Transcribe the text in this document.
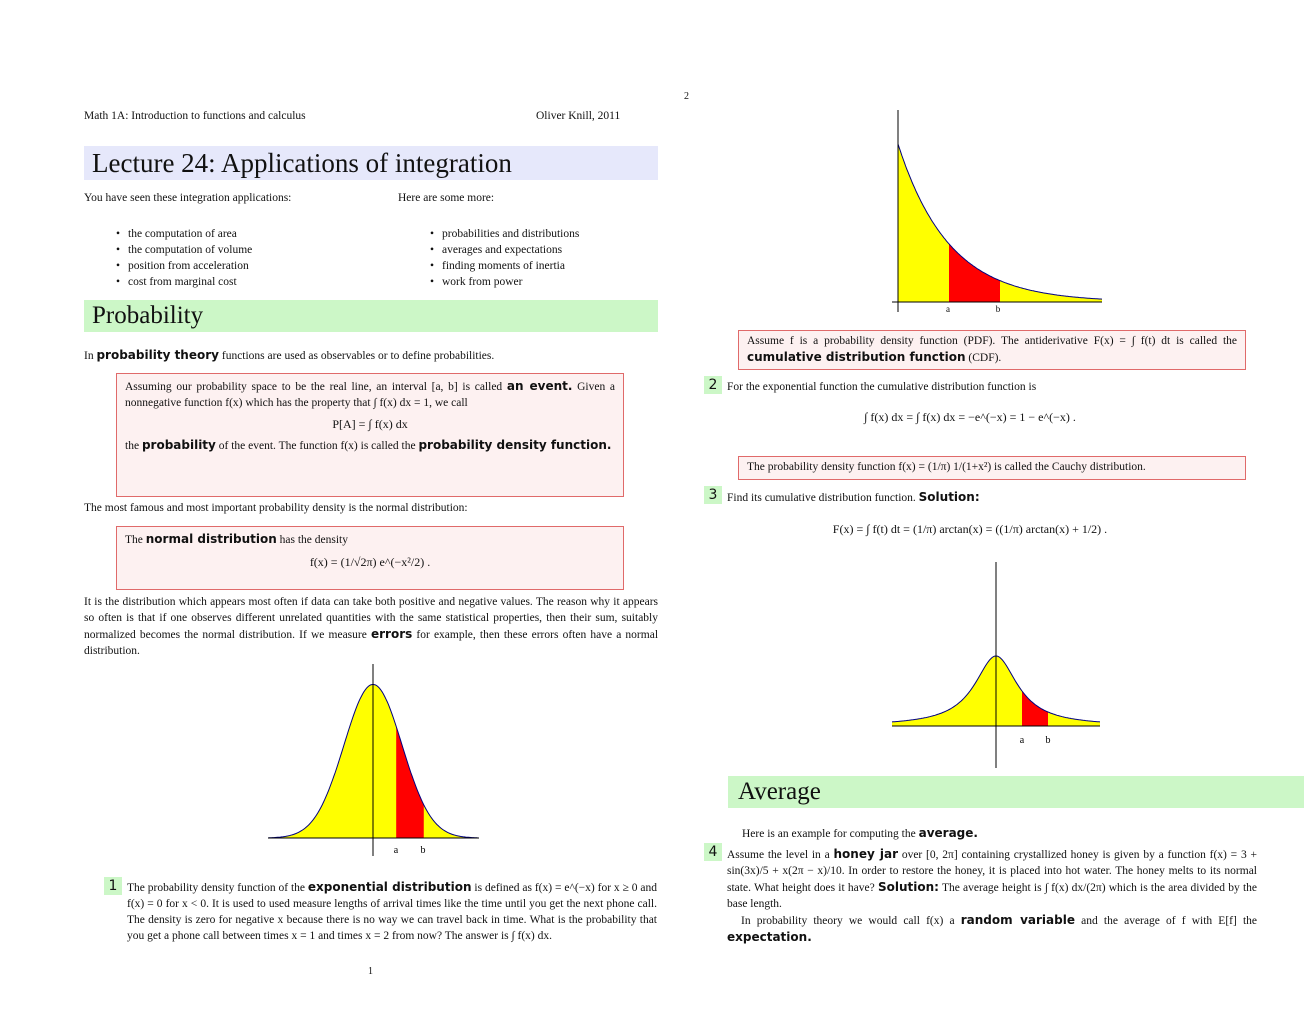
Math 1A: Introduction to functions and calculus	Oliver Knill, 2011
Lecture 24: Applications of integration
You have seen these integration applications:	Here are some more:
• the computation of area
• the computation of volume
• position from acceleration
• cost from marginal cost
• probabilities and distributions
• averages and expectations
• finding moments of inertia
• work from power
Probability
In probability theory functions are used as observables or to define probabilities.
Assuming our probability space to be the real line, an interval [a, b] is called an event. Given a nonnegative function f(x) which has the property that ∫ f(x) dx = 1, we call
P[A] = ∫ f(x) dx
the probability of the event. The function f(x) is called the probability density function.
The most famous and most important probability density is the normal distribution:
The normal distribution has the density
f(x) = (1/√2π) e^(−x²/2) .
It is the distribution which appears most often if data can take both positive and negative values. The reason why it appears so often is that if one observes different unrelated quantities with the same statistical properties, then their sum, suitably normalized becomes the normal distribution. If we measure errors for example, then these errors often have a normal distribution.
a b
1 The probability density function of the exponential distribution is defined as f(x) = e^(−x) for x ≥ 0 and f(x) = 0 for x < 0. It is used to used measure lengths of arrival times like the time until you get the next phone call. The density is zero for negative x because there is no way we can travel back in time. What is the probability that you get a phone call between times x = 1 and times x = 2 from now? The answer is ∫ f(x) dx.
1
2
a	b
Assume f is a probability density function (PDF). The antiderivative F(x) = ∫ f(t) dt is called the cumulative distribution function (CDF).
2 For the exponential function the cumulative distribution function is
∫ f(x) dx = ∫ f(x) dx = −e^(−x) = 1 − e^(−x) .
The probability density function f(x) = (1/π) 1/(1+x²) is called the Cauchy distribution.
3 Find its cumulative distribution function. Solution:
F(x) = ∫ f(t) dt = (1/π) arctan(x) = ((1/π) arctan(x) + 1/2) .
a b
Average
Here is an example for computing the average.
4 Assume the level in a honey jar over [0, 2π] containing crystallized honey is given by a function f(x) = 3 + sin(3x)/5 + x(2π − x)/10. In order to restore the honey, it is placed into hot water. The honey melts to its normal state. What height does it have? Solution: The average height is ∫ f(x) dx/(2π) which is the area divided by the base length.
In probability theory we would call f(x) a random variable and the average of f with E[f] the expectation.
